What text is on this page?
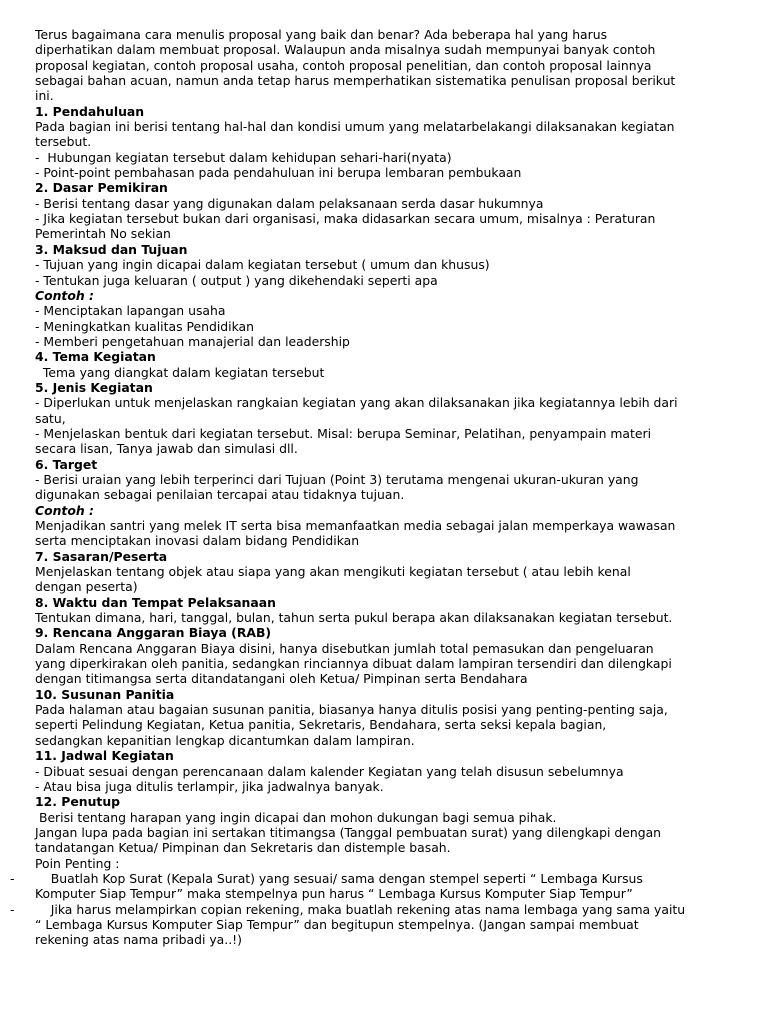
Terus bagaimana cara menulis proposal yang baik dan benar? Ada beberapa hal yang harus
diperhatikan dalam membuat proposal. Walaupun anda misalnya sudah mempunyai banyak contoh
proposal kegiatan, contoh proposal usaha, contoh proposal penelitian, dan contoh proposal lainnya
sebagai bahan acuan, namun anda tetap harus memperhatikan sistematika penulisan proposal berikut
ini.
1. Pendahuluan
Pada bagian ini berisi tentang hal-hal dan kondisi umum yang melatarbelakangi dilaksanakan kegiatan
tersebut.
-  Hubungan kegiatan tersebut dalam kehidupan sehari-hari(nyata)
- Point-point pembahasan pada pendahuluan ini berupa lembaran pembukaan
2. Dasar Pemikiran
- Berisi tentang dasar yang digunakan dalam pelaksanaan serda dasar hukumnya
- Jika kegiatan tersebut bukan dari organisasi, maka didasarkan secara umum, misalnya : Peraturan
Pemerintah No sekian
3. Maksud dan Tujuan
- Tujuan yang ingin dicapai dalam kegiatan tersebut ( umum dan khusus)
- Tentukan juga keluaran ( output ) yang dikehendaki seperti apa
Contoh :
- Menciptakan lapangan usaha
- Meningkatkan kualitas Pendidikan
- Memberi pengetahuan manajerial dan leadership
4. Tema Kegiatan
Tema yang diangkat dalam kegiatan tersebut
5. Jenis Kegiatan
- Diperlukan untuk menjelaskan rangkaian kegiatan yang akan dilaksanakan jika kegiatannya lebih dari
satu,
- Menjelaskan bentuk dari kegiatan tersebut. Misal: berupa Seminar, Pelatihan, penyampain materi
secara lisan, Tanya jawab dan simulasi dll.
6. Target
- Berisi uraian yang lebih terperinci dari Tujuan (Point 3) terutama mengenai ukuran-ukuran yang
digunakan sebagai penilaian tercapai atau tidaknya tujuan.
Contoh :
Menjadikan santri yang melek IT serta bisa memanfaatkan media sebagai jalan memperkaya wawasan
serta menciptakan inovasi dalam bidang Pendidikan
7. Sasaran/Peserta
Menjelaskan tentang objek atau siapa yang akan mengikuti kegiatan tersebut ( atau lebih kenal
dengan peserta)
8. Waktu dan Tempat Pelaksanaan
Tentukan dimana, hari, tanggal, bulan, tahun serta pukul berapa akan dilaksanakan kegiatan tersebut.
9. Rencana Anggaran Biaya (RAB)
Dalam Rencana Anggaran Biaya disini, hanya disebutkan jumlah total pemasukan dan pengeluaran
yang diperkirakan oleh panitia, sedangkan rinciannya dibuat dalam lampiran tersendiri dan dilengkapi
dengan titimangsa serta ditandatangani oleh Ketua/ Pimpinan serta Bendahara
10. Susunan Panitia
Pada halaman atau bagaian susunan panitia, biasanya hanya ditulis posisi yang penting-penting saja,
seperti Pelindung Kegiatan, Ketua panitia, Sekretaris, Bendahara, serta seksi kepala bagian,
sedangkan kepanitian lengkap dicantumkan dalam lampiran.
11. Jadwal Kegiatan
- Dibuat sesuai dengan perencanaan dalam kalender Kegiatan yang telah disusun sebelumnya
- Atau bisa juga ditulis terlampir, jika jadwalnya banyak.
12. Penutup
Berisi tentang harapan yang ingin dicapai dan mohon dukungan bagi semua pihak.
Jangan lupa pada bagian ini sertakan titimangsa (Tanggal pembuatan surat) yang dilengkapi dengan
tandatangan Ketua/ Pimpinan dan Sekretaris dan distemple basah.
Poin Penting :
- Buatlah Kop Surat (Kepala Surat) yang sesuai/ sama dengan stempel seperti “ Lembaga Kursus
Komputer Siap Tempur” maka stempelnya pun harus “ Lembaga Kursus Komputer Siap Tempur”
- Jika harus melampirkan copian rekening, maka buatlah rekening atas nama lembaga yang sama yaitu
“ Lembaga Kursus Komputer Siap Tempur” dan begitupun stempelnya. (Jangan sampai membuat
rekening atas nama pribadi ya..!)
